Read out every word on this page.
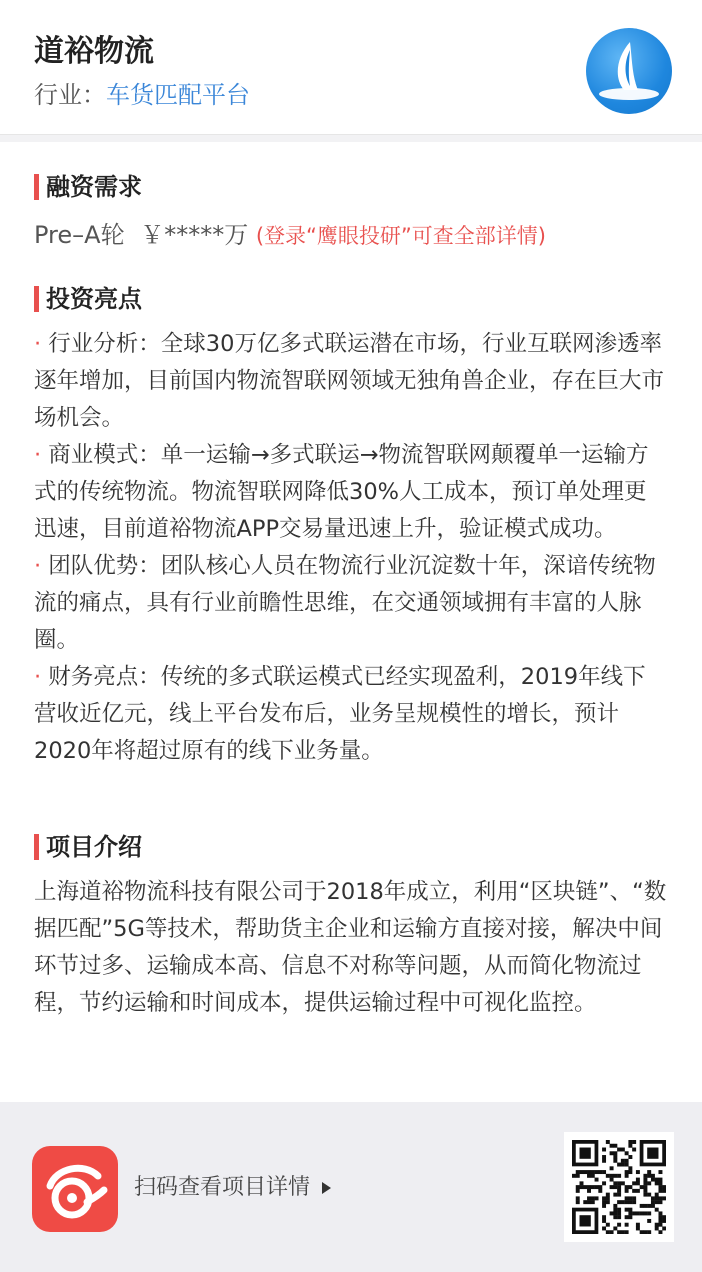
道裕物流
行业：车货匹配平台
融资需求
Pre–A轮 ￥*****万 (登录“鹰眼投研”可查全部详情)
投资亮点
· 行业分析：全球30万亿多式联运潜在市场，行业互联网渗透率逐年增加，目前国内物流智联网领域无独角兽企业，存在巨大市场机会。
· 商业模式：单一运输→多式联运→物流智联网颠覆单一运输方式的传统物流。物流智联网降低30%人工成本，预订单处理更迅速，目前道裕物流APP交易量迅速上升，验证模式成功。
· 团队优势：团队核心人员在物流行业沉淀数十年，深谙传统物流的痛点，具有行业前瞻性思维，在交通领域拥有丰富的人脉圈。
· 财务亮点：传统的多式联运模式已经实现盈利，2019年线下营收近亿元，线上平台发布后，业务呈规模性的增长，预计2020年将超过原有的线下业务量。
项目介绍
上海道裕物流科技有限公司于2018年成立，利用“区块链”、“数据匹配”5G等技术，帮助货主企业和运输方直接对接，解决中间环节过多、运输成本高、信息不对称等问题，从而简化物流过程，节约运输和时间成本，提供运输过程中可视化监控。
扫码查看项目详情
